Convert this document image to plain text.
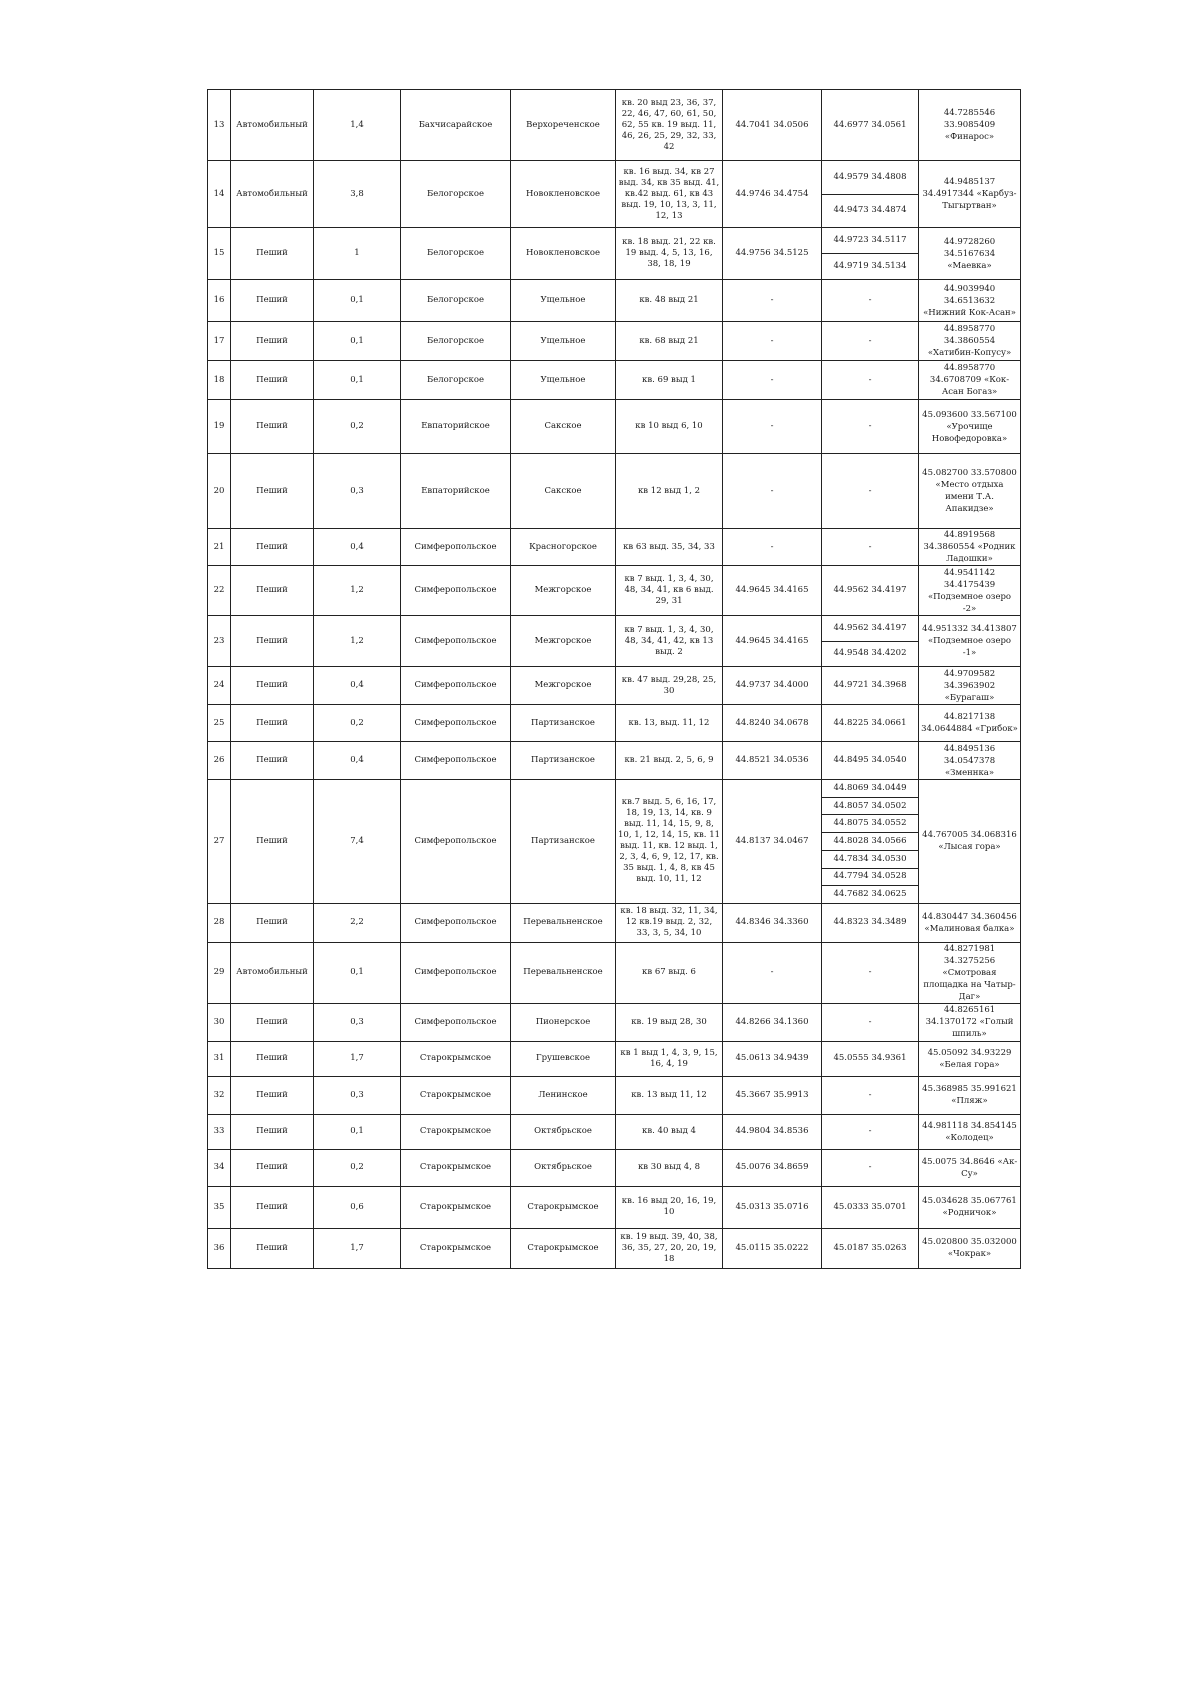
13	Автомобильный	1,4	Бахчисарайское	Верхореченское	кв. 20 выд 23, 36, 37, 22, 46, 47, 60, 61, 50, 62, 55 кв. 19 выд. 11, 46, 26, 25, 29, 32, 33, 42	44.7041 34.0506	44.6977 34.0561	44.7285546 33.9085409 «Финарос»
14	Автомобильный	3,8	Белогорское	Новокленовское	кв. 16 выд. 34, кв 27 выд. 34, кв 35 выд. 41, кв.42 выд. 61, кв 43 выд. 19, 10, 13, 3, 11, 12, 13	44.9746 34.4754	44.9579 34.4808	44.9485137 34.4917344 «Карбуз-Тыгыртван»
							44.9473 34.4874	
15	Пеший	1	Белогорское	Новокленовское	кв. 18 выд. 21, 22 кв. 19 выд. 4, 5, 13, 16, 38, 18, 19	44.9756 34.5125	44.9723 34.5117	44.9728260 34.5167634 «Маевка»
							44.9719 34.5134	
16	Пеший	0,1	Белогорское	Ущельное	кв. 48 выд 21	-	-	44.9039940 34.6513632 «Нижний Кок-Асан»
17	Пеший	0,1	Белогорское	Ущельное	кв. 68 выд 21	-	-	44.8958770 34.3860554 «Хатибин-Копусу»
18	Пеший	0,1	Белогорское	Ущельное	кв. 69 выд 1	-	-	44.8958770 34.6708709 «Кок-Асан Богаз»
19	Пеший	0,2	Евпаторийское	Сакское	кв 10 выд 6, 10	-	-	45.093600 33.567100 «Урочище Новофедоровка»
20	Пеший	0,3	Евпаторийское	Сакское	кв 12 выд 1, 2	-	-	45.082700 33.570800 «Место отдыха имени Т.А. Апакидзе»
21	Пеший	0,4	Симферопольское	Красногорское	кв 63 выд. 35, 34, 33	-	-	44.8919568 34.3860554 «Родник Ладошки»
22	Пеший	1,2	Симферопольское	Межгорское	кв 7 выд. 1, 3, 4, 30, 48, 34, 41, кв 6 выд. 29, 31	44.9645 34.4165	44.9562 34.4197	44.9541142 34.4175439 «Подземное озеро -2»
23	Пеший	1,2	Симферопольское	Межгорское	кв 7 выд. 1, 3, 4, 30, 48, 34, 41, 42, кв 13 выд. 2	44.9645 34.4165	44.9562 34.4197	44.951332 34.413807 «Подземное озеро -1»
							44.9548 34.4202	
24	Пеший	0,4	Симферопольское	Межгорское	кв. 47 выд. 29,28, 25, 30	44.9737 34.4000	44.9721 34.3968	44.9709582 34.3963902 «Бурагаш»
25	Пеший	0,2	Симферопольское	Партизанское	кв. 13, выд. 11, 12	44.8240 34.0678	44.8225 34.0661	44.8217138 34.0644884 «Грибок»
26	Пеший	0,4	Симферопольское	Партизанское	кв. 21 выд. 2, 5, 6, 9	44.8521 34.0536	44.8495 34.0540	44.8495136 34.0547378 «Зменнка»
27	Пеший	7,4	Симферопольское	Партизанское	кв.7 выд. 5, 6, 16, 17, 18, 19, 13, 14, кв. 9 выд. 11, 14, 15, 9, 8, 10, 1, 12, 14, 15, кв. 11 выд. 11, кв. 12 выд. 1, 2, 3, 4, 6, 9, 12, 17, кв. 35 выд. 1, 4, 8, кв 45 выд. 10, 11, 12	44.8137 34.0467	44.8069 34.0449	44.767005 34.068316 «Лысая гора»
							44.8057 34.0502	
							44.8075 34.0552	
							44.8028 34.0566	
							44.7834 34.0530	
							44.7794 34.0528	
							44.7682 34.0625	
28	Пеший	2,2	Симферопольское	Перевальненское	кв. 18 выд. 32, 11, 34, 12 кв.19 выд. 2, 32, 33, 3, 5, 34, 10	44.8346 34.3360	44.8323 34.3489	44.830447 34.360456 «Малиновая балка»
29	Автомобильный	0,1	Симферопольское	Перевальненское	кв 67 выд. 6	-	-	44.8271981 34.3275256 «Смотровая площадка на Чатыр-Даг»
30	Пеший	0,3	Симферопольское	Пионерское	кв. 19 выд 28, 30	44.8266 34.1360	-	44.8265161 34.1370172 «Голый шпиль»
31	Пеший	1,7	Старокрымское	Грушевское	кв 1 выд 1, 4, 3, 9, 15, 16, 4, 19	45.0613 34.9439	45.0555 34.9361	45.05092 34.93229 «Белая гора»
32	Пеший	0,3	Старокрымское	Ленинское	кв. 13 выд 11, 12	45.3667 35.9913	-	45.368985 35.991621 «Пляж»
33	Пеший	0,1	Старокрымское	Октябрьское	кв. 40 выд 4	44.9804 34.8536	-	44.981118 34.854145 «Колодец»
34	Пеший	0,2	Старокрымское	Октябрьское	кв 30 выд 4, 8	45.0076 34.8659	-	45.0075 34.8646 «Ак-Су»
35	Пеший	0,6	Старокрымское	Старокрымское	кв. 16 выд 20, 16, 19, 10	45.0313 35.0716	45.0333 35.0701	45.034628 35.067761 «Родничок»
36	Пеший	1,7	Старокрымское	Старокрымское	кв. 19 выд. 39, 40, 38, 36, 35, 27, 20, 20, 19, 18	45.0115 35.0222	45.0187 35.0263	45.020800 35.032000 «Чокрак»
